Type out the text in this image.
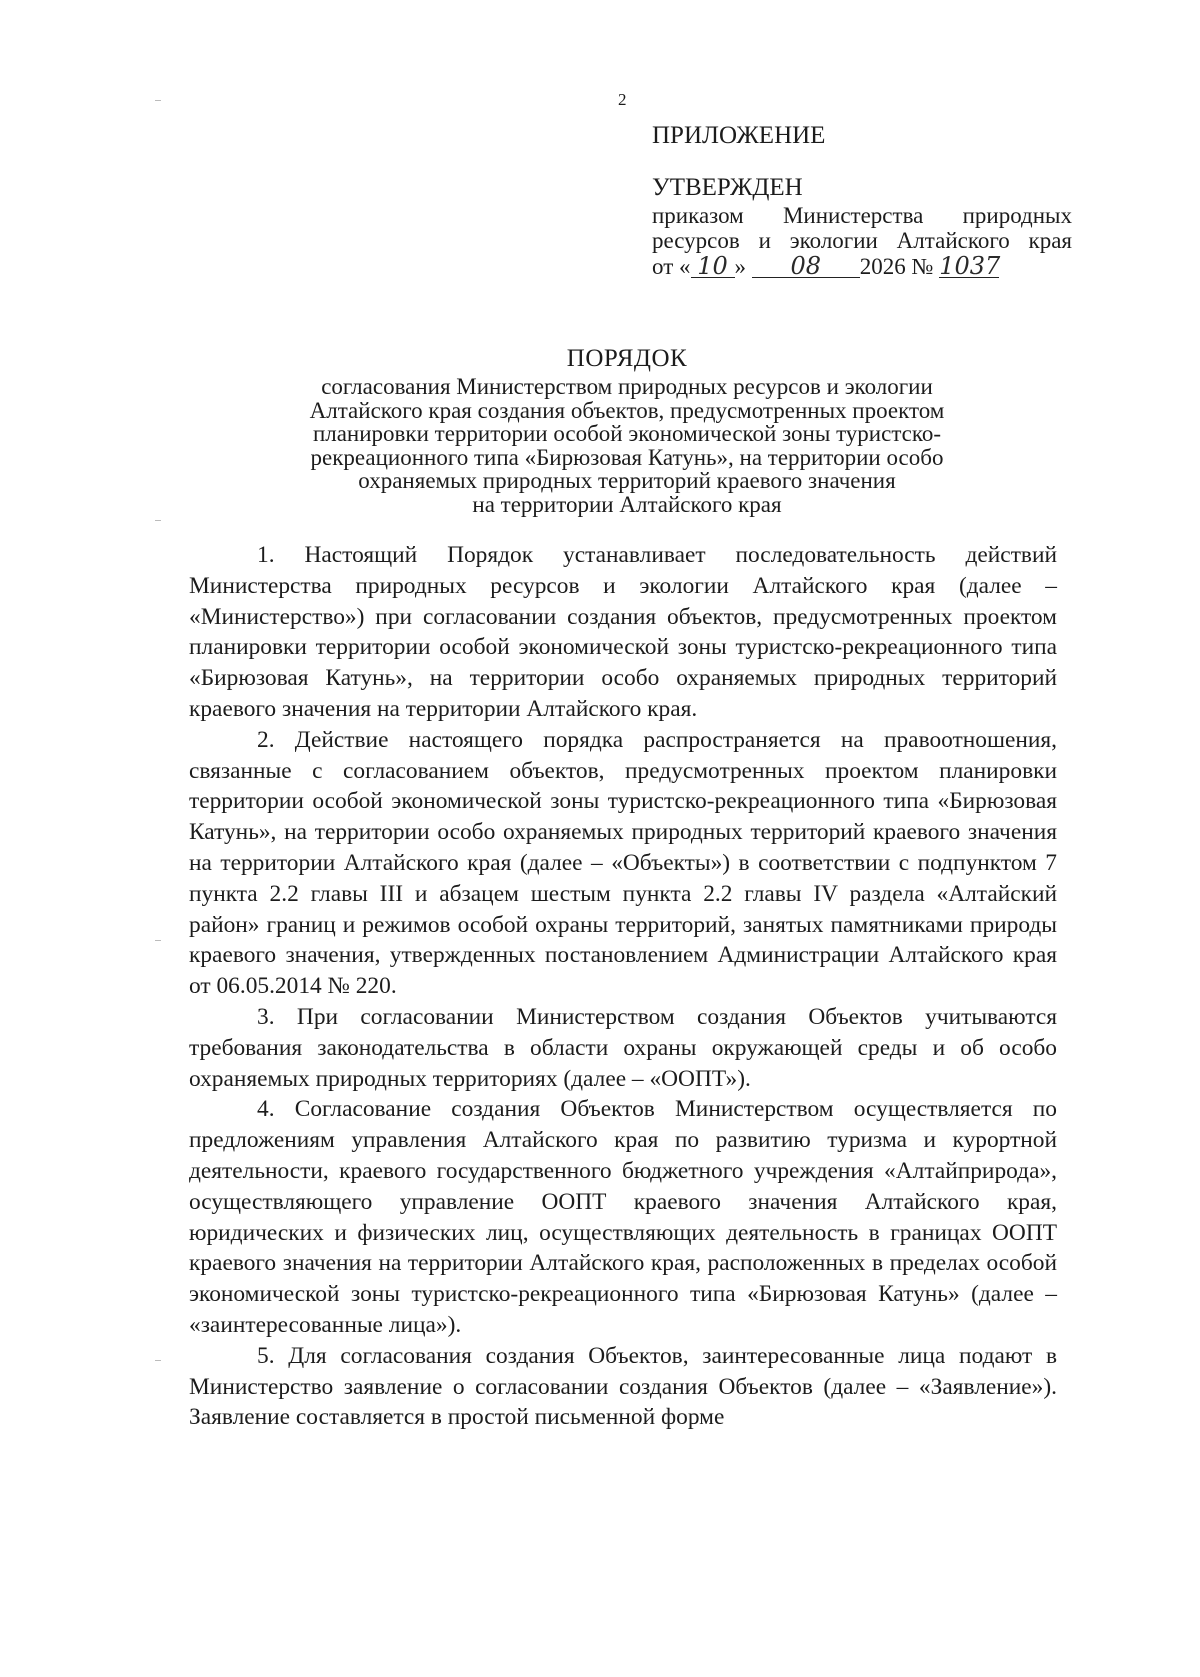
2
ПРИЛОЖЕНИЕ
УТВЕРЖДЕН
приказом Министерства природных
ресурсов и экологии Алтайского края
от « 10 » 08 2026 № 1037
ПОРЯДОК
согласования Министерством природных ресурсов и экологии
Алтайского края создания объектов, предусмотренных проектом
планировки территории особой экономической зоны туристско-
рекреационного типа «Бирюзовая Катунь», на территории особо
охраняемых природных территорий краевого значения
на территории Алтайского края

1. Настоящий Порядок устанавливает последовательность действий Министерства природных ресурсов и экологии Алтайского края (далее – «Министерство») при согласовании создания объектов, предусмотренных проектом планировки территории особой экономической зоны туристско-рекреационного типа «Бирюзовая Катунь», на территории особо охраняемых природных территорий краевого значения на территории Алтайского края.

2. Действие настоящего порядка распространяется на правоотношения, связанные с согласованием объектов, предусмотренных проектом планировки территории особой экономической зоны туристско-рекреационного типа «Бирюзовая Катунь», на территории особо охраняемых природных территорий краевого значения на территории Алтайского края (далее – «Объекты») в соответствии с подпунктом 7 пункта 2.2 главы III и абзацем шестым пункта 2.2 главы IV раздела «Алтайский район» границ и режимов особой охраны территорий, занятых памятниками природы краевого значения, утвержденных постановлением Администрации Алтайского края от 06.05.2014 № 220.

3. При согласовании Министерством создания Объектов учитываются требования законодательства в области охраны окружающей среды и об особо охраняемых природных территориях (далее – «ООПТ»).

4. Согласование создания Объектов Министерством осуществляется по предложениям управления Алтайского края по развитию туризма и курортной деятельности, краевого государственного бюджетного учреждения «Алтайприрода», осуществляющего управление ООПТ краевого значения Алтайского края, юридических и физических лиц, осуществляющих деятельность в границах ООПТ краевого значения на территории Алтайского края, расположенных в пределах особой экономической зоны туристско-рекреационного типа «Бирюзовая Катунь» (далее – «заинтересованные лица»).

5. Для согласования создания Объектов, заинтересованные лица подают в Министерство заявление о согласовании создания Объектов (далее – «Заявление»). Заявление составляется в простой письменной форме
